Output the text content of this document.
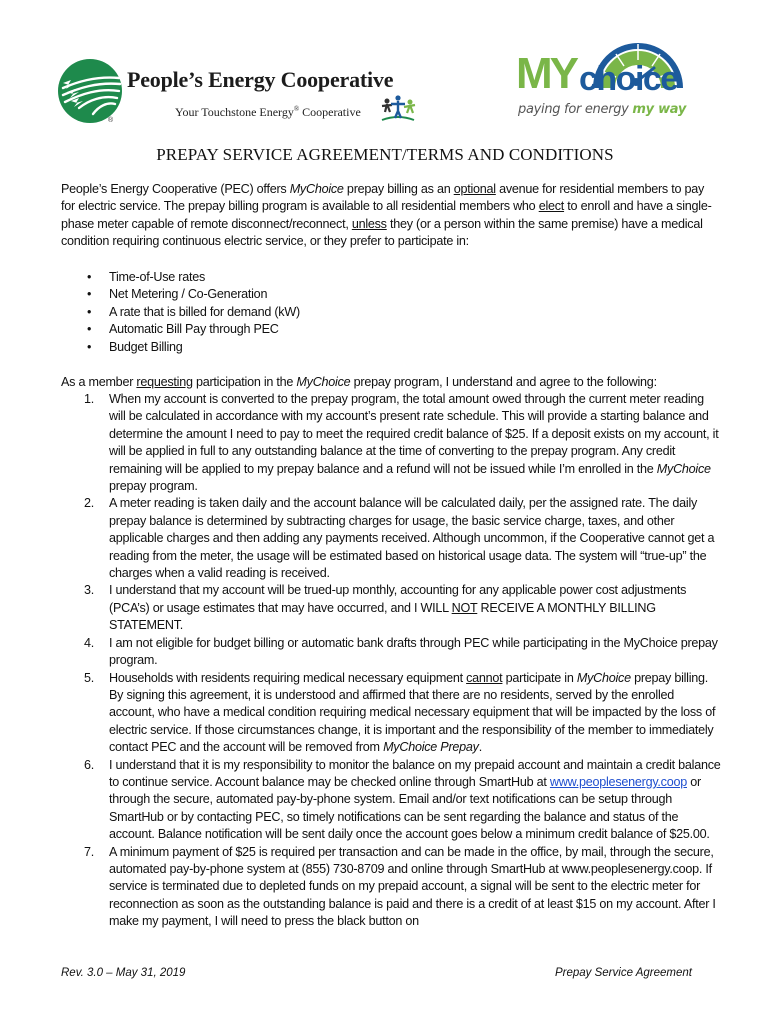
®
People’s Energy Cooperative
Your Touchstone Energy® Cooperative
MY choice
paying for energy my way
PREPAY SERVICE AGREEMENT/TERMS AND CONDITIONS

People’s Energy Cooperative (PEC) offers MyChoice prepay billing as an optional avenue for residential members to pay for electric service. The prepay billing program is available to all residential members who elect to enroll and have a single-phase meter capable of remote disconnect/reconnect, unless they (or a person within the same premise) have a medical condition requiring continuous electric service, or they prefer to participate in:

• Time-of-Use rates
• Net Metering / Co-Generation
• A rate that is billed for demand (kW)
• Automatic Bill Pay through PEC
• Budget Billing

As a member requesting participation in the MyChoice prepay program, I understand and agree to the following:

1. When my account is converted to the prepay program, the total amount owed through the current meter reading will be calculated in accordance with my account’s present rate schedule. This will provide a starting balance and determine the amount I need to pay to meet the required credit balance of $25. If a deposit exists on my account, it will be applied in full to any outstanding balance at the time of converting to the prepay program. Any credit remaining will be applied to my prepay balance and a refund will not be issued while I’m enrolled in the MyChoice prepay program.
2. A meter reading is taken daily and the account balance will be calculated daily, per the assigned rate. The daily prepay balance is determined by subtracting charges for usage, the basic service charge, taxes, and other applicable charges and then adding any payments received. Although uncommon, if the Cooperative cannot get a reading from the meter, the usage will be estimated based on historical usage data. The system will “true-up” the charges when a valid reading is received.
3. I understand that my account will be trued-up monthly, accounting for any applicable power cost adjustments (PCA’s) or usage estimates that may have occurred, and I WILL NOT RECEIVE A MONTHLY BILLING STATEMENT.
4. I am not eligible for budget billing or automatic bank drafts through PEC while participating in the MyChoice prepay program.
5. Households with residents requiring medical necessary equipment cannot participate in MyChoice prepay billing. By signing this agreement, it is understood and affirmed that there are no residents, served by the enrolled account, who have a medical condition requiring medical necessary equipment that will be impacted by the loss of electric service. If those circumstances change, it is important and the responsibility of the member to immediately contact PEC and the account will be removed from MyChoice Prepay.
6. I understand that it is my responsibility to monitor the balance on my prepaid account and maintain a credit balance to continue service. Account balance may be checked online through SmartHub at www.peoplesenergy.coop or through the secure, automated pay-by-phone system. Email and/or text notifications can be setup through SmartHub or by contacting PEC, so timely notifications can be sent regarding the balance and status of the account. Balance notification will be sent daily once the account goes below a minimum credit balance of $25.00.
7. A minimum payment of $25 is required per transaction and can be made in the office, by mail, through the secure, automated pay-by-phone system at (855) 730-8709 and online through SmartHub at www.peoplesenergy.coop. If service is terminated due to depleted funds on my prepaid account, a signal will be sent to the electric meter for reconnection as soon as the outstanding balance is paid and there is a credit of at least $15 on my account. After I make my payment, I will need to press the black button on
Rev. 3.0 – May 31, 2019	Prepay Service Agreement
